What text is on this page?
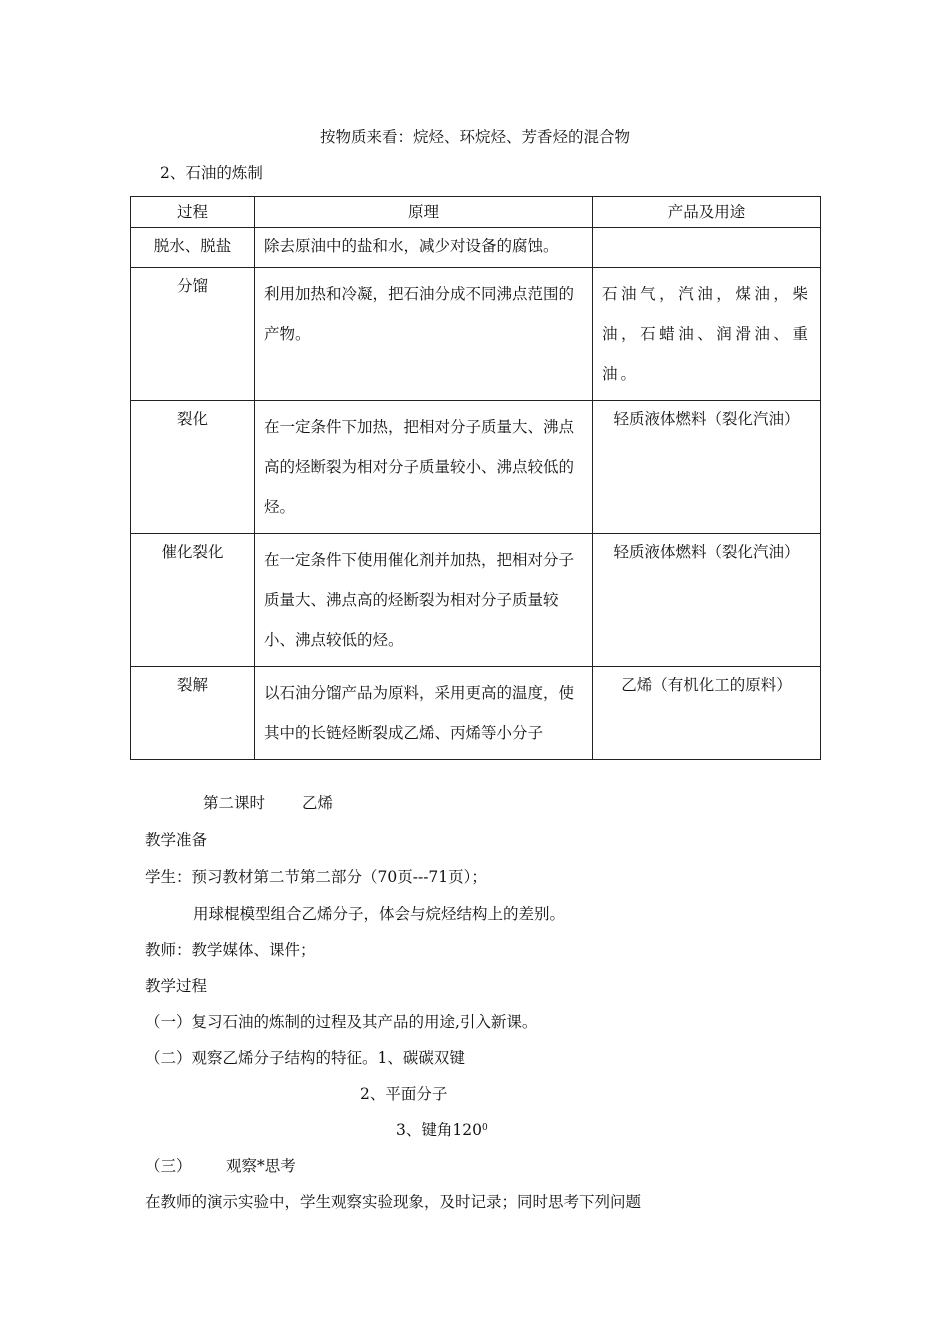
按物质来看：烷烃、环烷烃、芳香烃的混合物
2、石油的炼制
过程	原理	产品及用途
脱水、脱盐	除去原油中的盐和水，减少对设备的腐蚀。	
分馏	利用加热和冷凝，把石油分成不同沸点范围的产物。	石油气，汽油，煤油，柴油，石蜡油、润滑油、重油。
裂化	在一定条件下加热，把相对分子质量大、沸点高的烃断裂为相对分子质量较小、沸点较低的烃。	轻质液体燃料（裂化汽油）
催化裂化	在一定条件下使用催化剂并加热，把相对分子质量大、沸点高的烃断裂为相对分子质量较小、沸点较低的烃。	轻质液体燃料（裂化汽油）
裂解	以石油分馏产品为原料，采用更高的温度，使其中的长链烃断裂成乙烯、丙烯等小分子	乙烯（有机化工的原料）
第二课时 乙烯
教学准备
学生：预习教材第二节第二部分（70页---71页）；
用球棍模型组合乙烯分子，体会与烷烃结构上的差别。
教师：教学媒体、课件；
教学过程
（一）复习石油的炼制的过程及其产品的用途,引入新课。
（二）观察乙烯分子结构的特征。1、碳碳双键
2、平面分子
3、键角$120^0$
（三） 观察*思考
在教师的演示实验中，学生观察实验现象，及时记录；同时思考下列问题
